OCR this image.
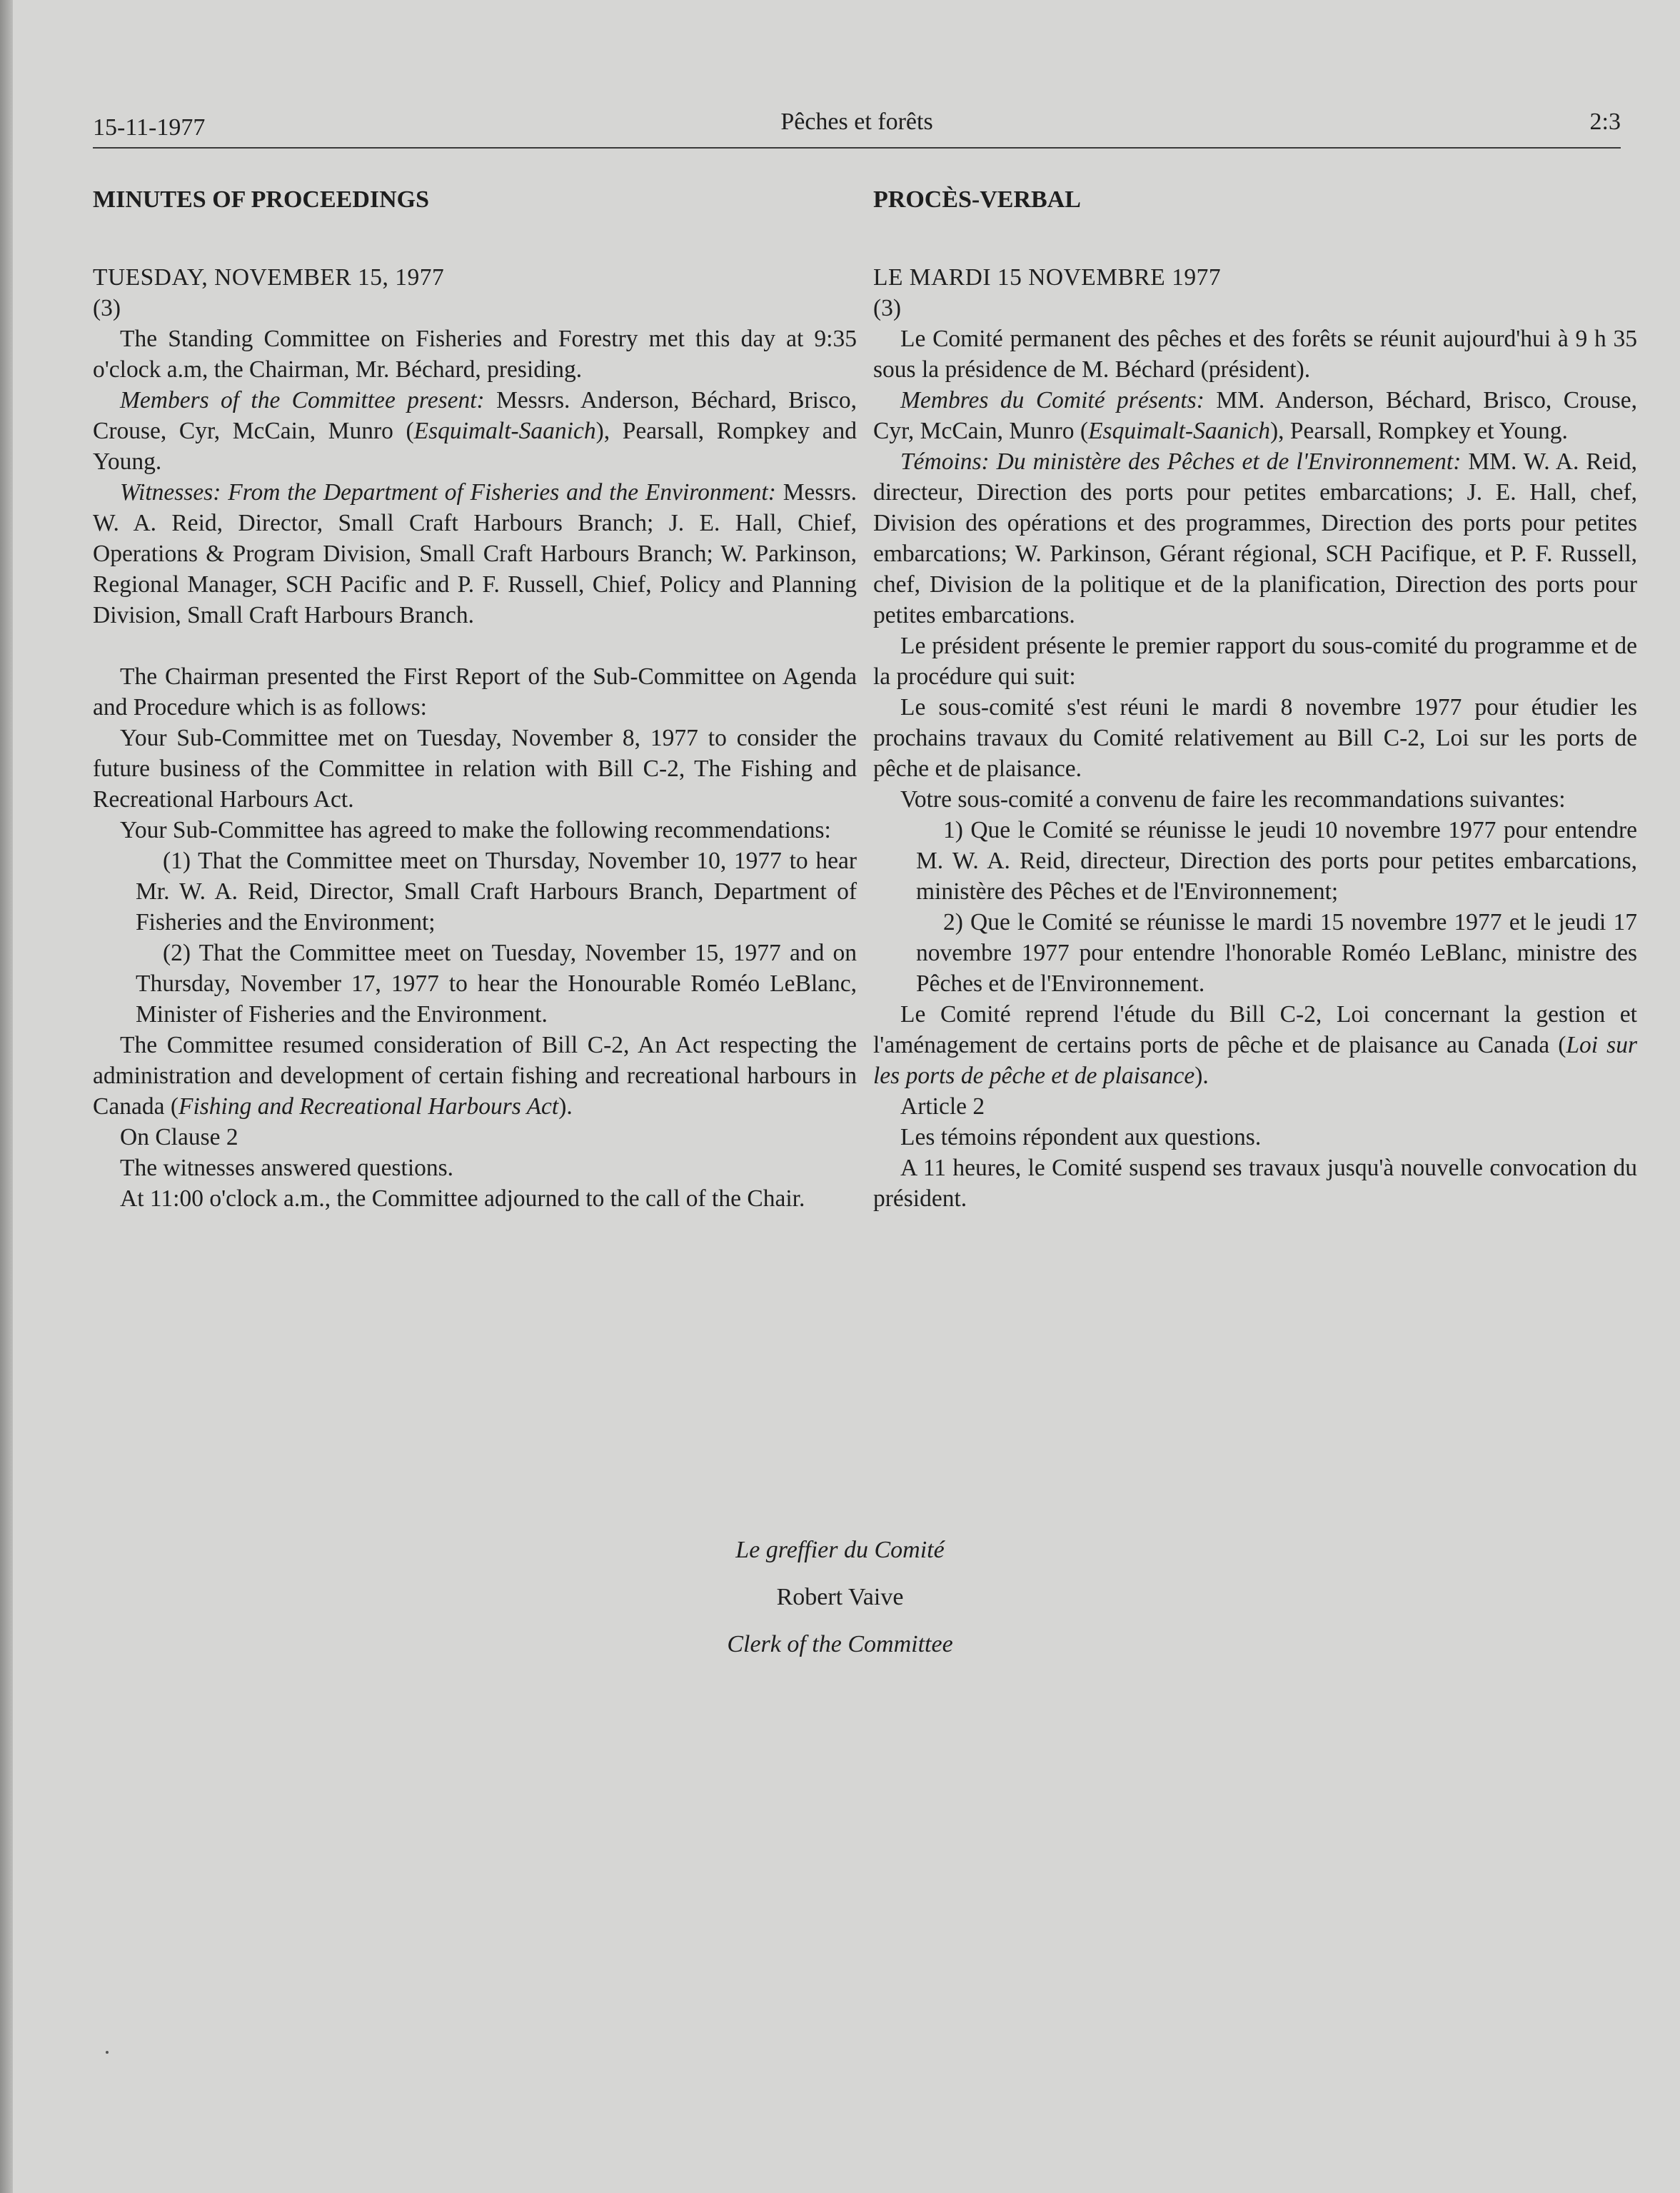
15-11-1977	Pêches et forêts	2:3
MINUTES OF PROCEEDINGS
TUESDAY, NOVEMBER 15, 1977
(3)

The Standing Committee on Fisheries and Forestry met this day at 9:35 o'clock a.m, the Chairman, Mr. Béchard, presiding.

Members of the Committee present: Messrs. Anderson, Béchard, Brisco, Crouse, Cyr, McCain, Munro (Esquimalt-Saanich), Pearsall, Rompkey and Young.

Witnesses: From the Department of Fisheries and the Environment: Messrs. W. A. Reid, Director, Small Craft Harbours Branch; J. E. Hall, Chief, Operations & Program Division, Small Craft Harbours Branch; W. Parkinson, Regional Manager, SCH Pacific and P. F. Russell, Chief, Policy and Planning Division, Small Craft Harbours Branch.

The Chairman presented the First Report of the Sub-Committee on Agenda and Procedure which is as follows:

Your Sub-Committee met on Tuesday, November 8, 1977 to consider the future business of the Committee in relation with Bill C-2, The Fishing and Recreational Harbours Act.

Your Sub-Committee has agreed to make the following recommendations:

(1) That the Committee meet on Thursday, November 10, 1977 to hear Mr. W. A. Reid, Director, Small Craft Harbours Branch, Department of Fisheries and the Environment;

(2) That the Committee meet on Tuesday, November 15, 1977 and on Thursday, November 17, 1977 to hear the Honourable Roméo LeBlanc, Minister of Fisheries and the Environment.

The Committee resumed consideration of Bill C-2, An Act respecting the administration and development of certain fishing and recreational harbours in Canada (Fishing and Recreational Harbours Act).

On Clause 2

The witnesses answered questions.

At 11:00 o'clock a.m., the Committee adjourned to the call of the Chair.

PROCÈS-VERBAL
LE MARDI 15 NOVEMBRE 1977
(3)

Le Comité permanent des pêches et des forêts se réunit aujourd'hui à 9 h 35 sous la présidence de M. Béchard (président).

Membres du Comité présents: MM. Anderson, Béchard, Brisco, Crouse, Cyr, McCain, Munro (Esquimalt-Saanich), Pearsall, Rompkey et Young.

Témoins: Du ministère des Pêches et de l'Environnement: MM. W. A. Reid, directeur, Direction des ports pour petites embarcations; J. E. Hall, chef, Division des opérations et des programmes, Direction des ports pour petites embarcations; W. Parkinson, Gérant régional, SCH Pacifique, et P. F. Russell, chef, Division de la politique et de la planification, Direction des ports pour petites embarcations.

Le président présente le premier rapport du sous-comité du programme et de la procédure qui suit:

Le sous-comité s'est réuni le mardi 8 novembre 1977 pour étudier les prochains travaux du Comité relativement au Bill C-2, Loi sur les ports de pêche et de plaisance.

Votre sous-comité a convenu de faire les recommandations suivantes:

1) Que le Comité se réunisse le jeudi 10 novembre 1977 pour entendre M. W. A. Reid, directeur, Direction des ports pour petites embarcations, ministère des Pêches et de l'Environnement;

2) Que le Comité se réunisse le mardi 15 novembre 1977 et le jeudi 17 novembre 1977 pour entendre l'honorable Roméo LeBlanc, ministre des Pêches et de l'Environnement.

Le Comité reprend l'étude du Bill C-2, Loi concernant la gestion et l'aménagement de certains ports de pêche et de plaisance au Canada (Loi sur les ports de pêche et de plaisance).

Article 2

Les témoins répondent aux questions.

A 11 heures, le Comité suspend ses travaux jusqu'à nouvelle convocation du président.

Le greffier du Comité
Robert Vaive
Clerk of the Committee
